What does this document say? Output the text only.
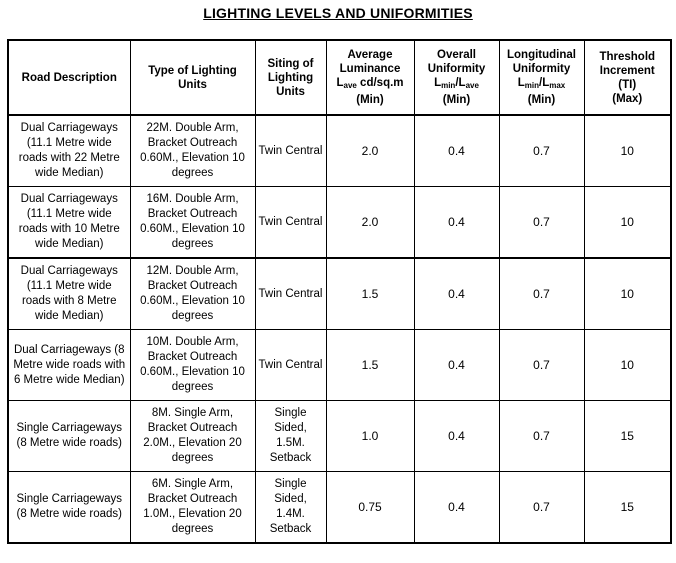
LIGHTING LEVELS AND UNIFORMITIES
Road Description	Type of Lighting Units	Siting of Lighting Units	Average
Luminance
$L_{ave}$ cd/sq.m
(Min)	Overall
Uniformity
$L_{min}/L_{ave}$
(Min)	Longitudinal
Uniformity
$L_{min}/L_{max}$
(Min)	Threshold
Increment
(TI)
(Max)
Dual Carriageways (11.1 Metre wide roads with 22 Metre wide Median)	22M. Double Arm, Bracket Outreach 0.60M., Elevation 10 degrees	Twin Central	2.0	0.4	0.7	10
Dual Carriageways (11.1 Metre wide roads with 10 Metre wide Median)	16M. Double Arm, Bracket Outreach 0.60M., Elevation 10 degrees	Twin Central	2.0	0.4	0.7	10
Dual Carriageways (11.1 Metre wide roads with 8 Metre wide Median)	12M. Double Arm, Bracket Outreach 0.60M., Elevation 10 degrees	Twin Central	1.5	0.4	0.7	10
Dual Carriageways (8 Metre wide roads with 6 Metre wide Median)	10M. Double Arm, Bracket Outreach 0.60M., Elevation 10 degrees	Twin Central	1.5	0.4	0.7	10
Single Carriageways (8 Metre wide roads)	8M. Single Arm, Bracket Outreach 2.0M., Elevation 20 degrees	Single Sided, 1.5M. Setback	1.0	0.4	0.7	15
Single Carriageways (8 Metre wide roads)	6M. Single Arm, Bracket Outreach 1.0M., Elevation 20 degrees	Single Sided, 1.4M. Setback	0.75	0.4	0.7	15
